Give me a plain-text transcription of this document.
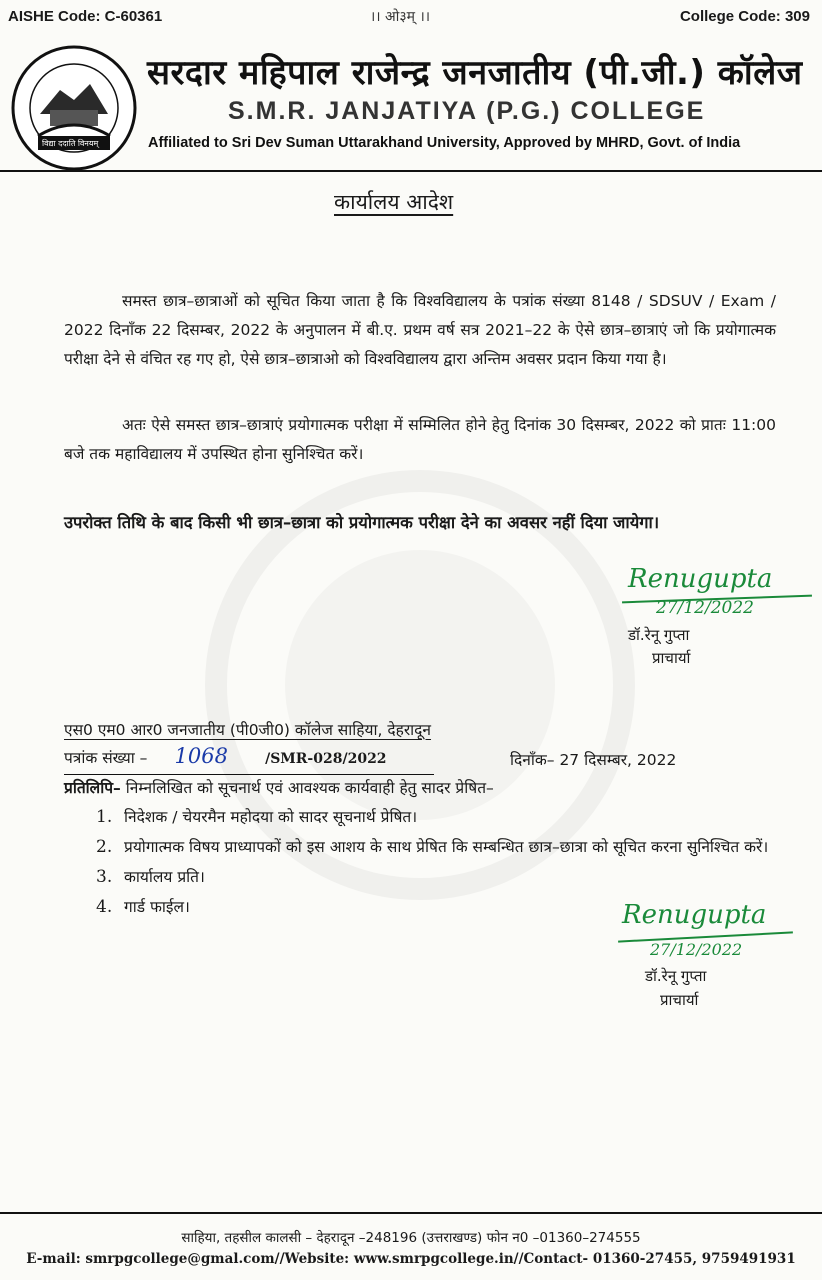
AISHE Code: C-60361	।। ओ३म् ।।	College Code: 309
विद्या ददाति विनयम्
सरदार महिपाल राजेन्द्र जनजातीय (पी.जी.) कॉलेज
S.M.R. JANJATIYA (P.G.) COLLEGE
Affiliated to Sri Dev Suman Uttarakhand University, Approved by MHRD, Govt. of India
कार्यालय आदेश
समस्त छात्र–छात्राओं को सूचित किया जाता है कि विश्वविद्यालय के पत्रांक संख्या 8148 / SDSUV / Exam / 2022 दिनाँक 22 दिसम्बर, 2022 के अनुपालन में बी.ए. प्रथम वर्ष सत्र 2021–22 के ऐसे छात्र–छात्राएं जो कि प्रयोगात्मक परीक्षा देने से वंचित रह गए हो, ऐसे छात्र–छात्राओ को विश्वविद्यालय द्वारा अन्तिम अवसर प्रदान किया गया है।
अतः ऐसे समस्त छात्र–छात्राएं प्रयोगात्मक परीक्षा में सम्मिलित होने हेतु दिनांक 30 दिसम्बर, 2022 को प्रातः 11:00 बजे तक महाविद्यालय में उपस्थित होना सुनिश्चित करें।
उपरोक्त तिथि के बाद किसी भी छात्र–छात्रा को प्रयोगात्मक परीक्षा देने का अवसर नहीं दिया जायेगा।
Renugupta
27/12/2022
डॉ.रेनू गुप्ता
प्राचार्या
एस0 एम0 आर0 जनजातीय (पी0जी0) कॉलेज साहिया, देहरादून
पत्रांक संख्या – 1068	/SMR-028/2022	दिनाँक– 27 दिसम्बर, 2022
प्रतिलिपि– निम्नलिखित को सूचनार्थ एवं आवश्यक कार्यवाही हेतु सादर प्रेषित–
1. निदेशक / चेयरमैन महोदया को सादर सूचनार्थ प्रेषित।
2. प्रयोगात्मक विषय प्राध्यापकों को इस आशय के साथ प्रेषित कि सम्बन्धित छात्र–छात्रा को सूचित करना सुनिश्चित करें।
3. कार्यालय प्रति।
4. गार्ड फाईल।	Renugupta
27/12/2022
डॉ.रेनू गुप्ता
प्राचार्या
साहिया, तहसील कालसी – देहरादून –248196 (उत्तराखण्ड) फोन न0 –01360–274555
E-mail: smrpgcollege@gmal.com//Website: www.smrpgcollege.in//Contact- 01360-27455, 9759491931
